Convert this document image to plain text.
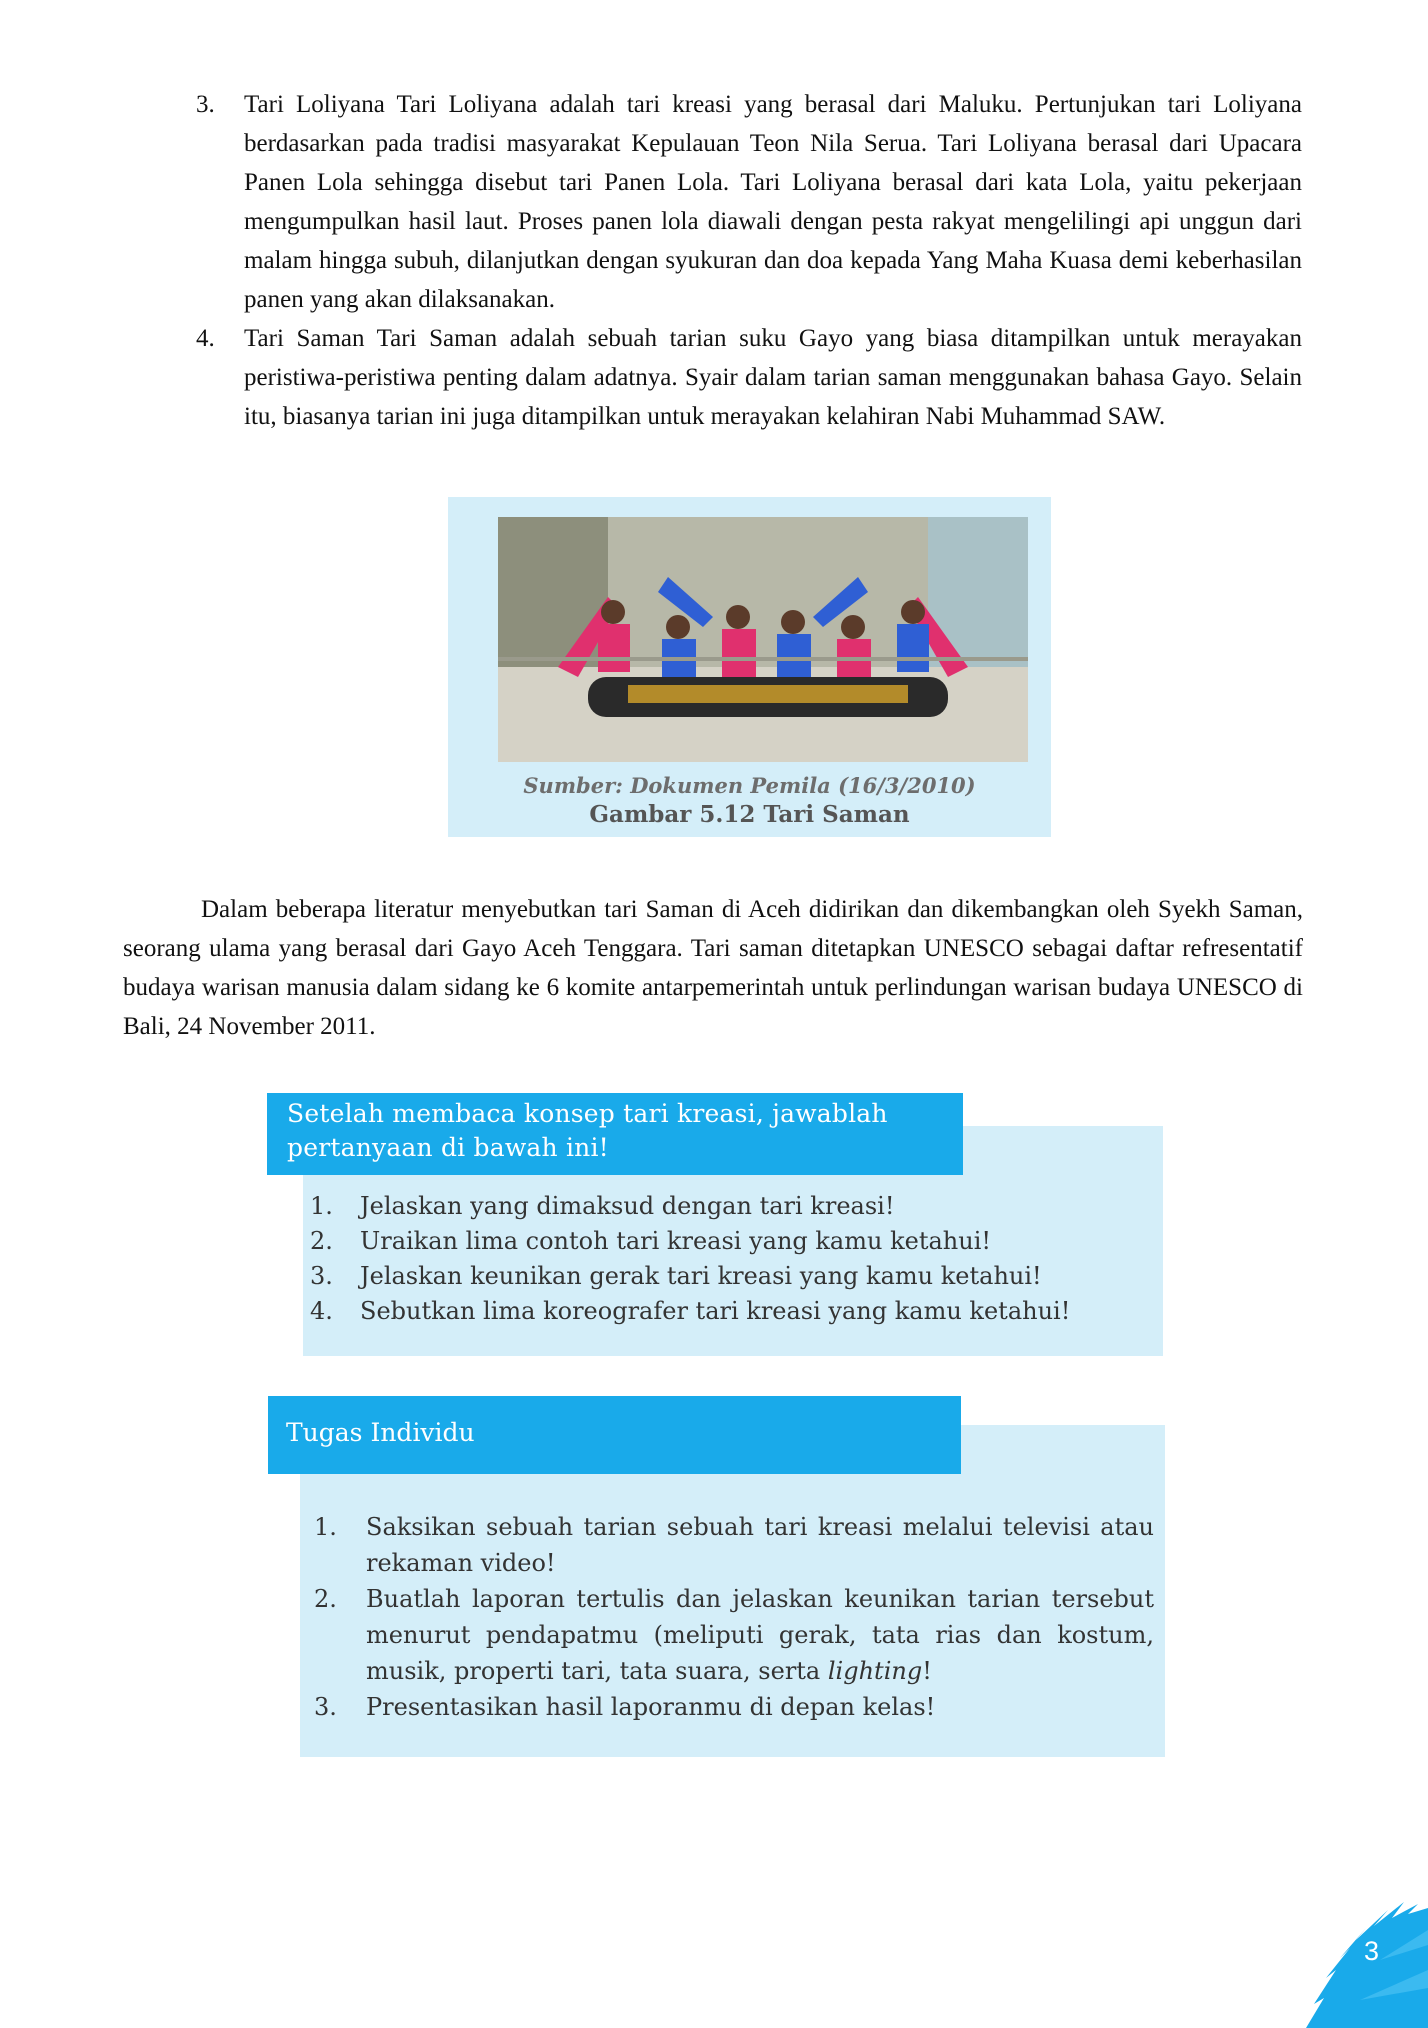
3. Tari Loliyana Tari Loliyana adalah tari kreasi yang berasal dari Maluku. Pertunjukan tari Loliyana berdasarkan pada tradisi masyarakat Kepulauan Teon Nila Serua. Tari Loliyana berasal dari Upacara Panen Lola sehingga disebut tari Panen Lola. Tari Loliyana berasal dari kata Lola, yaitu pekerjaan mengumpulkan hasil laut. Proses panen lola diawali dengan pesta rakyat mengelilingi api unggun dari malam hingga subuh, dilanjutkan dengan syukuran dan doa kepada Yang Maha Kuasa demi keberhasilan panen yang akan dilaksanakan.
4. Tari Saman Tari Saman adalah sebuah tarian suku Gayo yang biasa ditampilkan untuk merayakan peristiwa-peristiwa penting dalam adatnya. Syair dalam tarian saman menggunakan bahasa Gayo. Selain itu, biasanya tarian ini juga ditampilkan untuk merayakan kelahiran Nabi Muhammad SAW.
Sumber: Dokumen Pemila (16/3/2010)
Gambar 5.12 Tari Saman

Dalam beberapa literatur menyebutkan tari Saman di Aceh didirikan dan dikembangkan oleh Syekh Saman, seorang ulama yang berasal dari Gayo Aceh Tenggara. Tari saman ditetapkan UNESCO sebagai daftar refresentatif budaya warisan manusia dalam sidang ke 6 komite antarpemerintah untuk perlindungan warisan budaya UNESCO di Bali, 24 November 2011.

Setelah membaca konsep tari kreasi, jawablah
pertanyaan di bawah ini!
1. Jelaskan yang dimaksud dengan tari kreasi!
2. Uraikan lima contoh tari kreasi yang kamu ketahui!
3. Jelaskan keunikan gerak tari kreasi yang kamu ketahui!
4. Sebutkan lima koreografer tari kreasi yang kamu ketahui!
Tugas Individu
1. Saksikan sebuah tarian sebuah tari kreasi melalui televisi atau rekaman video!
2. Buatlah laporan tertulis dan jelaskan keunikan tarian tersebut menurut pendapatmu (meliputi gerak, tata rias dan kostum, musik, properti tari, tata suara, serta lighting!
3. Presentasikan hasil laporanmu di depan kelas!
3
